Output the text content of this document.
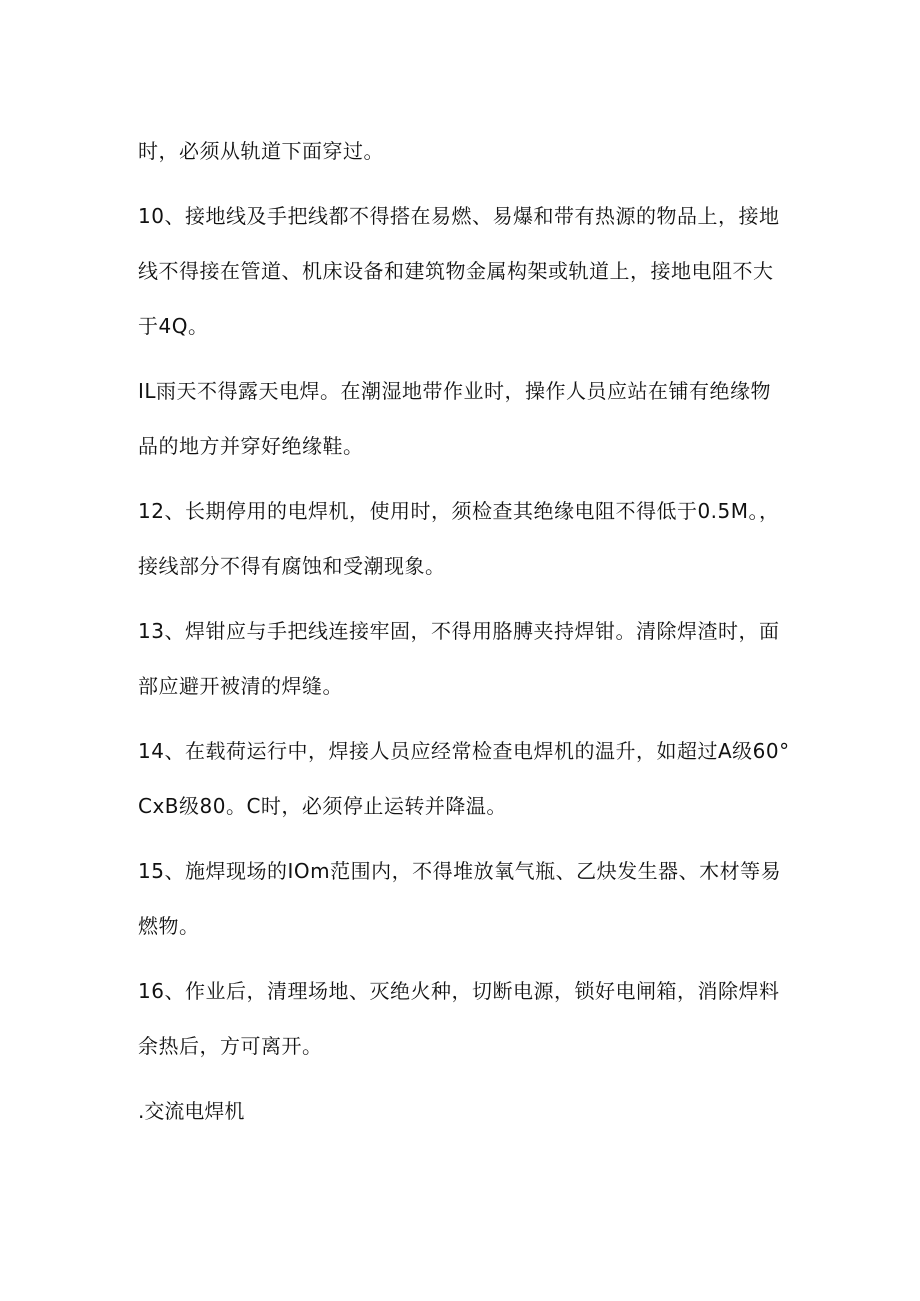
时，必须从轨道下面穿过。

10、接地线及手把线都不得搭在易燃、易爆和带有热源的物品上，接地线不得接在管道、机床设备和建筑物金属构架或轨道上，接地电阻不大于4Q。

IL雨天不得露天电焊。在潮湿地带作业时，操作人员应站在铺有绝缘物品的地方并穿好绝缘鞋。

12、长期停用的电焊机，使用时，须检查其绝缘电阻不得低于0.5M。，接线部分不得有腐蚀和受潮现象。

13、焊钳应与手把线连接牢固，不得用胳膊夹持焊钳。清除焊渣时，面部应避开被清的焊缝。

14、在载荷运行中，焊接人员应经常检查电焊机的温升，如超过A级60°CxB级80。C时，必须停止运转并降温。

15、施焊现场的IOm范围内，不得堆放氧气瓶、乙炔发生器、木材等易燃物。

16、作业后，清理场地、灭绝火种，切断电源，锁好电闸箱，消除焊料余热后，方可离开。

.交流电焊机
